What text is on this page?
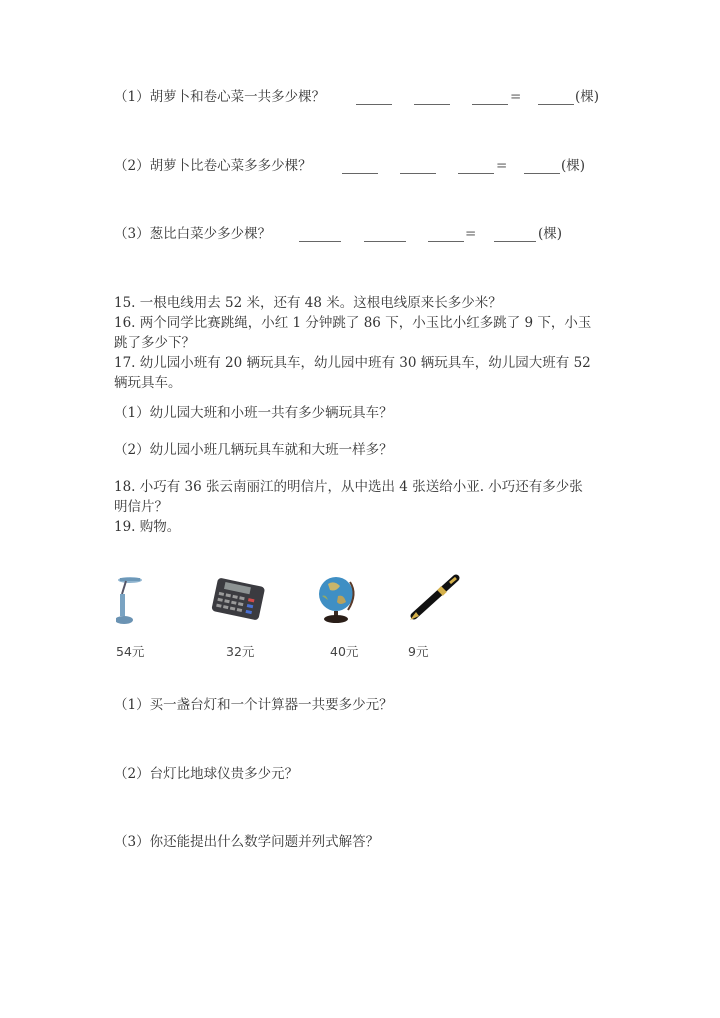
（1）胡萝卜和卷心菜一共多少棵？	=	(棵)
（2）胡萝卜比卷心菜多多少棵？	=	(棵)
（3）葱比白菜少多少棵？	=	(棵)
15. 一根电线用去 52 米，还有 48 米。这根电线原来长多少米？
16. 两个同学比赛跳绳，小红 1 分钟跳了 86 下，小玉比小红多跳了 9 下，小玉
跳了多少下？
17. 幼儿园小班有 20 辆玩具车，幼儿园中班有 30 辆玩具车，幼儿园大班有 52
辆玩具车。
（1）幼儿园大班和小班一共有多少辆玩具车？
（2）幼儿园小班几辆玩具车就和大班一样多？
18. 小巧有 36 张云南丽江的明信片，从中选出 4 张送给小亚. 小巧还有多少张
明信片？
19. 购物。
54元	32元	40元	9元
（1）买一盏台灯和一个计算器一共要多少元？
（2）台灯比地球仪贵多少元？
（3）你还能提出什么数学问题并列式解答？
